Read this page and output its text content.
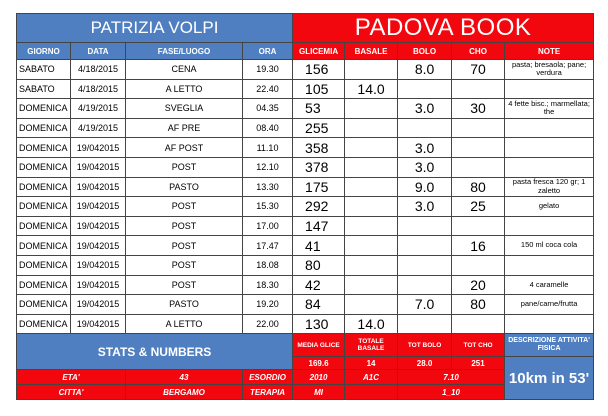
PATRIZIA VOLPI				PADOVA BOOK				
GIORNO	DATA	FASE/LUOGO	ORA	GLICEMIA	BASALE	BOLO	CHO	NOTE
SABATO	4/18/2015	CENA	19.30	156		8.0	70	pasta; bresaola; pane; verdura
SABATO	4/18/2015	A LETTO	22.40	105	14.0			
DOMENICA	4/19/2015	SVEGLIA	04.35	53		3.0	30	4 fette bisc.; marmellata; the
DOMENICA	4/19/2015	AF PRE	08.40	255				
DOMENICA	19/042015	AF POST	11.10	358		3.0		
DOMENICA	19/042015	POST	12.10	378		3.0		
DOMENICA	19/042015	PASTO	13.30	175		9.0	80	pasta fresca 120 gr; 1 zaletto
DOMENICA	19/042015	POST	15.30	292		3.0	25	gelato
DOMENICA	19/042015	POST	17.00	147				
DOMENICA	19/042015	POST	17.47	41			16	150 ml coca cola
DOMENICA	19/042015	POST	18.08	80				
DOMENICA	19/042015	POST	18.30	42			20	4 caramelle
DOMENICA	19/042015	PASTO	19.20	84		7.0	80	pane/carne/frutta
DOMENICA	19/042015	A LETTO	22.00	130	14.0			
STATS & NUMBERS				MEDIA GLICE	TOTALE BASALE	TOT BOLO	TOT CHO	DESCRIZIONE ATTIVITA' FISICA
				169.6	14	28.0	251	10km in 53'
ETA'		43	ESORDIO	2010	A1C	7.10		
CITTA'		BERGAMO	TERAPIA	MI		1_10		
